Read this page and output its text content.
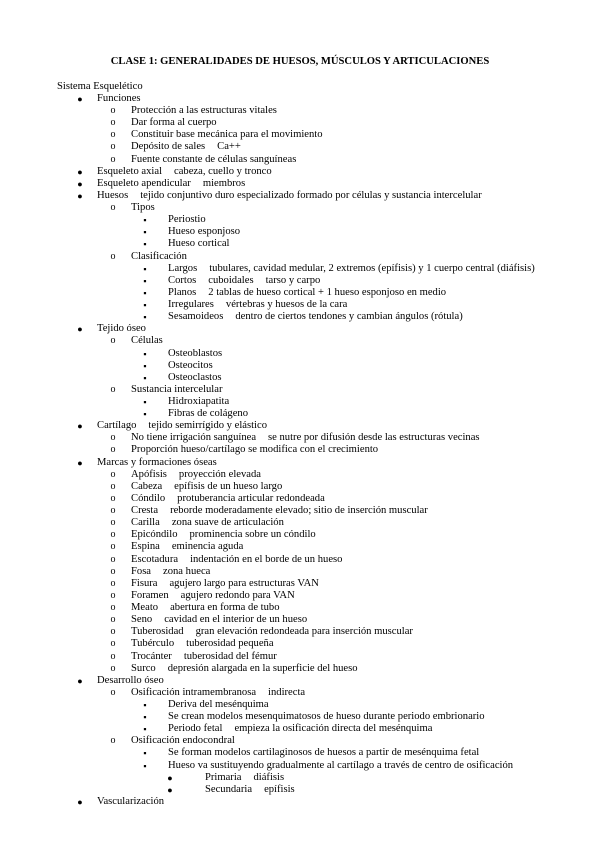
CLASE 1: GENERALIDADES DE HUESOS, MÚSCULOS Y ARTICULACIONES
Sistema Esquelético
●	Funciones
o	Protección a las estructuras vitales
o	Dar forma al cuerpo
o	Constituir base mecánica para el movimiento
o	Depósito de sales Ca++
o	Fuente constante de células sanguíneas
●	Esqueleto axial cabeza, cuello y tronco
●	Esqueleto apendicular miembros
●	Huesos tejido conjuntivo duro especializado formado por células y sustancia intercelular
o	Tipos
▪	Periostio
▪	Hueso esponjoso
▪	Hueso cortical
o	Clasificación
▪	Largos tubulares, cavidad medular, 2 extremos (epífisis) y 1 cuerpo central (diáfisis)
▪	Cortos cuboidales tarso y carpo
▪	Planos 2 tablas de hueso cortical + 1 hueso esponjoso en medio
▪	Irregulares vértebras y huesos de la cara
▪	Sesamoideos dentro de ciertos tendones y cambian ángulos (rótula)
●	Tejido óseo
o	Células
▪	Osteoblastos
▪	Osteocitos
▪	Osteoclastos
o	Sustancia intercelular
▪	Hidroxiapatita
▪	Fibras de colágeno
●	Cartílago tejido semirrígido y elástico
o	No tiene irrigación sanguínea se nutre por difusión desde las estructuras vecinas
o	Proporción hueso/cartílago se modifica con el crecimiento
●	Marcas y formaciones óseas
o	Apófisis proyección elevada
o	Cabeza epífisis de un hueso largo
o	Cóndilo protuberancia articular redondeada
o	Cresta reborde moderadamente elevado; sitio de inserción muscular
o	Carilla zona suave de articulación
o	Epicóndilo prominencia sobre un cóndilo
o	Espina eminencia aguda
o	Escotadura indentación en el borde de un hueso
o	Fosa zona hueca
o	Fisura agujero largo para estructuras VAN
o	Foramen agujero redondo para VAN
o	Meato abertura en forma de tubo
o	Seno cavidad en el interior de un hueso
o	Tuberosidad gran elevación redondeada para inserción muscular
o	Tubérculo tuberosidad pequeña
o	Trocánter tuberosidad del fémur
o	Surco depresión alargada en la superficie del hueso
●	Desarrollo óseo
o	Osificación intramembranosa indirecta
▪	Deriva del mesénquima
▪	Se crean modelos mesenquimatosos de hueso durante periodo embrionario
▪	Periodo fetal empieza la osificación directa del mesénquima
o	Osificación endocondral
▪	Se forman modelos cartilaginosos de huesos a partir de mesénquima fetal
▪	Hueso va sustituyendo gradualmente al cartílago a través de centro de osificación
●	Primaria diáfisis
●	Secundaria epífisis
●	Vascularización
